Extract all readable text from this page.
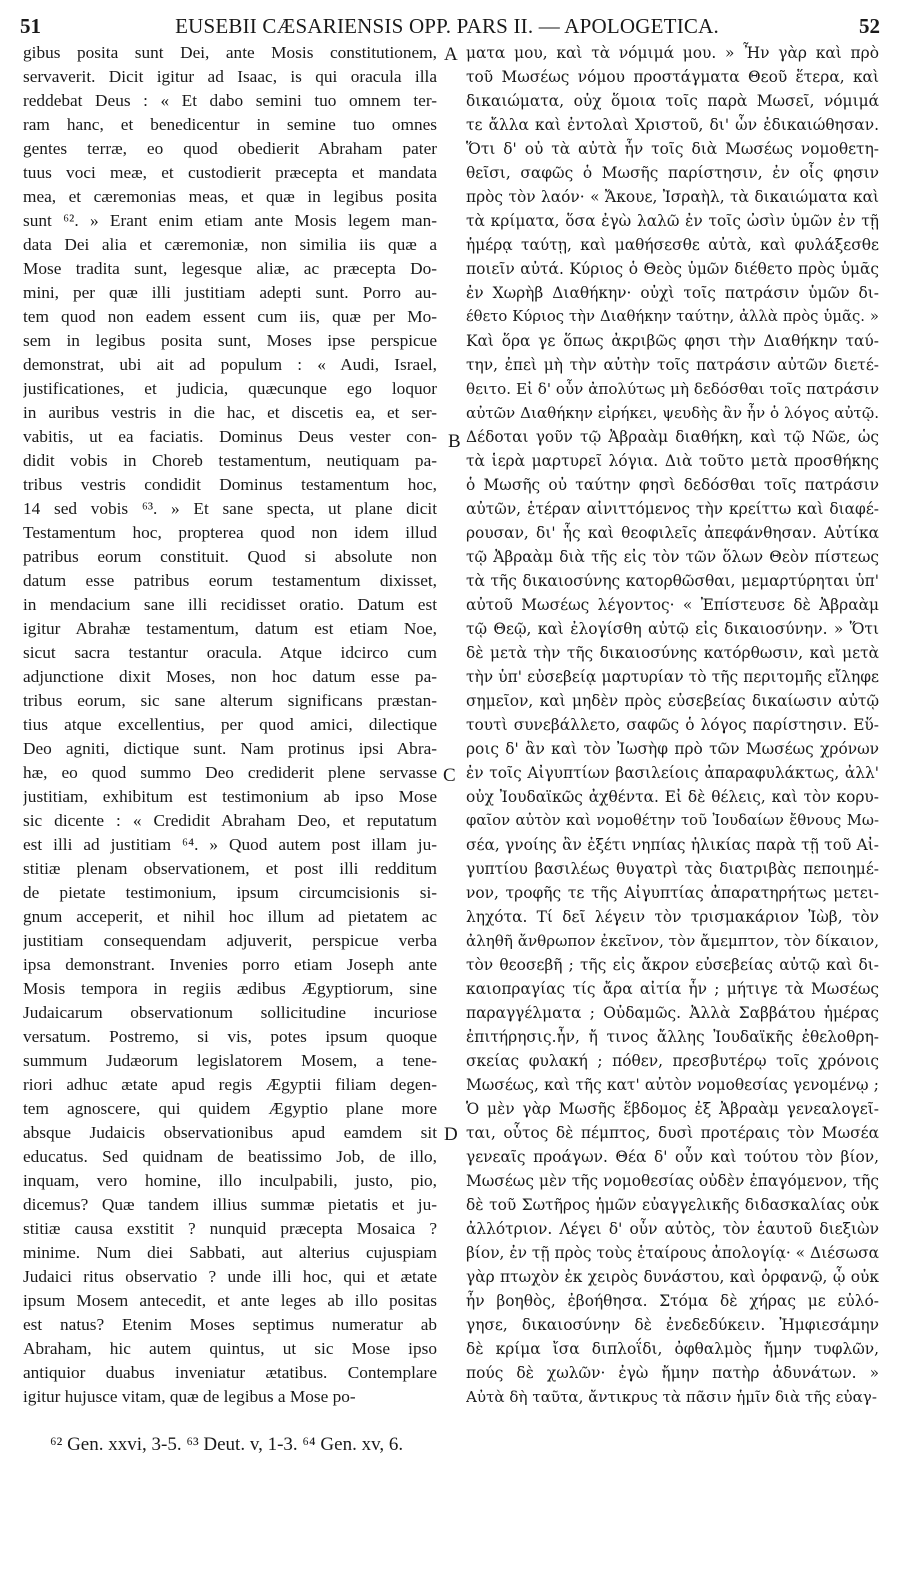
51	EUSEBII CÆSARIENSIS OPP. PARS II. — APOLOGETICA.	52
gibus posita sunt Dei, ante Mosis constitutionem,
servaverit. Dicit igitur ad Isaac, is qui oracula illa
reddebat Deus : « Et dabo semini tuo omnem ter-
ram hanc, et benedicentur in semine tuo omnes
gentes terræ, eo quod obedierit Abraham pater
tuus voci meæ, et custodierit præcepta et mandata
mea, et cæremonias meas, et quæ in legibus posita
sunt ⁶². » Erant enim etiam ante Mosis legem man-
data Dei alia et cæremoniæ, non similia iis quæ a
Mose tradita sunt, legesque aliæ, ac præcepta Do-
mini, per quæ illi justitiam adepti sunt. Porro au-
tem quod non eadem essent cum iis, quæ per Mo-
sem in legibus posita sunt, Moses ipse perspicue
demonstrat, ubi ait ad populum : « Audi, Israel,
justificationes, et judicia, quæcunque ego loquor
in auribus vestris in die hac, et discetis ea, et ser-
vabitis, ut ea faciatis. Dominus Deus vester con-
didit vobis in Choreb testamentum, neutiquam pa-
tribus vestris condidit Dominus testamentum hoc,
14 sed vobis ⁶³. » Et sane specta, ut plane dicit
Testamentum hoc, propterea quod non idem illud
patribus eorum constituit. Quod si absolute non
datum esse patribus eorum testamentum dixisset,
in mendacium sane illi recidisset oratio. Datum est
igitur Abrahæ testamentum, datum est etiam Noe,
sicut sacra testantur oracula. Atque idcirco cum
adjunctione dixit Moses, non hoc datum esse pa-
tribus eorum, sic sane alterum significans præstan-
tius atque excellentius, per quod amici, dilectique
Deo agniti, dictique sunt. Nam protinus ipsi Abra-
hæ, eo quod summo Deo crediderit plene servasse
justitiam, exhibitum est testimonium ab ipso Mose
sic dicente : « Credidit Abraham Deo, et reputatum
est illi ad justitiam ⁶⁴. » Quod autem post illam ju-
stitiæ plenam observationem, et post illi redditum
de pietate testimonium, ipsum circumcisionis si-
gnum acceperit, et nihil hoc illum ad pietatem ac
justitiam consequendam adjuverit, perspicue verba
ipsa demonstrant. Invenies porro etiam Joseph ante
Mosis tempora in regiis ædibus Ægyptiorum, sine
Judaicarum observationum sollicitudine incuriose
versatum. Postremo, si vis, potes ipsum quoque
summum Judæorum legislatorem Mosem, a tene-
riori adhuc ætate apud regis Ægyptii filiam degen-
tem agnoscere, qui quidem Ægyptio plane more
absque Judaicis observationibus apud eamdem sit
educatus. Sed quidnam de beatissimo Job, de illo,
inquam, vero homine, illo inculpabili, justo, pio,
dicemus? Quæ tandem illius summæ pietatis et ju-
stitiæ causa exstitit ? nunquid præcepta Mosaica ?
minime. Num diei Sabbati, aut alterius cujuspiam
Judaici ritus observatio ? unde illi hoc, qui et ætate
ipsum Mosem antecedit, et ante leges ab illo positas
est natus? Etenim Moses septimus numeratur ab
Abraham, hic autem quintus, ut sic Mose ipso
antiquior duabus inveniatur ætatibus. Contemplare
igitur hujusce vitam, quæ de legibus a Mose po-
ματα μου, καὶ τὰ νόμιμά μου. » Ἦν γὰρ καὶ πρὸ
τοῦ Μωσέως νόμου προστάγματα Θεοῦ ἕτερα, καὶ
δικαιώματα, οὐχ ὅμοια τοῖς παρὰ Μωσεῖ, νόμιμά
τε ἄλλα καὶ ἐντολαὶ Χριστοῦ, δι' ὧν ἐδικαιώθησαν.
Ὅτι δ' οὐ τὰ αὐτὰ ἦν τοῖς διὰ Μωσέως νομοθετη-
θεῖσι, σαφῶς ὁ Μωσῆς παρίστησιν, ἐν οἷς φησιν
πρὸς τὸν λαόν· « Ἄκουε, Ἰσραὴλ, τὰ δικαιώματα καὶ
τὰ κρίματα, ὅσα ἐγὼ λαλῶ ἐν τοῖς ὠσὶν ὑμῶν ἐν τῇ
ἡμέρᾳ ταύτῃ, καὶ μαθήσεσθε αὐτὰ, καὶ φυλάξεσθε
ποιεῖν αὐτά. Κύριος ὁ Θεὸς ὑμῶν διέθετο πρὸς ὑμᾶς
ἐν Χωρὴβ Διαθήκην· οὐχὶ τοῖς πατράσιν ὑμῶν δι-
έθετο Κύριος τὴν Διαθήκην ταύτην, ἀλλὰ πρὸς ὑμᾶς. »
Καὶ ὅρα γε ὅπως ἀκριβῶς φησι τὴν Διαθήκην ταύ-
την, ἐπεὶ μὴ τὴν αὐτὴν τοῖς πατράσιν αὐτῶν διετέ-
θειτο. Εἰ δ' οὖν ἀπολύτως μὴ δεδόσθαι τοῖς πατράσιν
αὐτῶν Διαθήκην εἰρήκει, ψευδὴς ἂν ἦν ὁ λόγος αὐτῷ.
Δέδοται γοῦν τῷ Ἀβραὰμ διαθήκη, καὶ τῷ Νῶε, ὡς
τὰ ἱερὰ μαρτυρεῖ λόγια. Διὰ τοῦτο μετὰ προσθήκης
ὁ Μωσῆς οὐ ταύτην φησὶ δεδόσθαι τοῖς πατράσιν
αὐτῶν, ἑτέραν αἰνιττόμενος τὴν κρείττω καὶ διαφέ-
ρουσαν, δι' ἧς καὶ θεοφιλεῖς ἀπεφάνθησαν. Αὐτίκα
τῷ Ἀβραὰμ διὰ τῆς εἰς τὸν τῶν ὅλων Θεὸν πίστεως
τὰ τῆς δικαιοσύνης κατορθῶσθαι, μεμαρτύρηται ὑπ'
αὐτοῦ Μωσέως λέγοντος· « Ἐπίστευσε δὲ Ἀβραὰμ
τῷ Θεῷ, καὶ ἐλογίσθη αὐτῷ εἰς δικαιοσύνην. » Ὅτι
δὲ μετὰ τὴν τῆς δικαιοσύνης κατόρθωσιν, καὶ μετὰ
τὴν ὑπ' εὐσεβείᾳ μαρτυρίαν τὸ τῆς περιτομῆς εἴληφε
σημεῖον, καὶ μηδὲν πρὸς εὐσεβείας δικαίωσιν αὐτῷ
τουτὶ συνεβάλλετο, σαφῶς ὁ λόγος παρίστησιν. Εὕ-
ροις δ' ἂν καὶ τὸν Ἰωσὴφ πρὸ τῶν Μωσέως χρόνων
ἐν τοῖς Αἰγυπτίων βασιλείοις ἀπαραφυλάκτως, ἀλλ'
οὐχ Ἰουδαϊκῶς ἀχθέντα. Εἰ δὲ θέλεις, καὶ τὸν κορυ-
φαῖον αὐτὸν καὶ νομοθέτην τοῦ Ἰουδαίων ἔθνους Μω-
σέα, γνοίης ἂν ἐξέτι νηπίας ἡλικίας παρὰ τῇ τοῦ Αἰ-
γυπτίου βασιλέως θυγατρὶ τὰς διατριβὰς πεποιημέ-
νον, τροφῆς τε τῆς Αἰγυπτίας ἀπαρατηρήτως μετει-
ληχότα. Τί δεῖ λέγειν τὸν τρισμακάριον Ἰὼβ, τὸν
ἀληθῆ ἄνθρωπον ἐκεῖνον, τὸν ἄμεμπτον, τὸν δίκαιον,
τὸν θεοσεβῆ ; τῆς εἰς ἄκρον εὐσεβείας αὐτῷ καὶ δι-
καιοπραγίας τίς ἄρα αἰτία ἦν ; μήτιγε τὰ Μωσέως
παραγγέλματα ; Οὐδαμῶς. Ἀλλὰ Σαββάτου ἡμέρας
ἐπιτήρησις.ἦν, ἤ τινος ἄλλης Ἰουδαϊκῆς ἐθελοθρη-
σκείας φυλακή ; πόθεν, πρεσβυτέρῳ τοῖς χρόνοις
Μωσέως, καὶ τῆς κατ' αὐτὸν νομοθεσίας γενομένῳ ;
Ὁ μὲν γὰρ Μωσῆς ἕβδομος ἐξ Ἀβραὰμ γενεαλογεῖ-
ται, οὗτος δὲ πέμπτος, δυσὶ προτέραις τὸν Μωσέα
γενεαῖς προάγων. Θέα δ' οὖν καὶ τούτου τὸν βίον,
Μωσέως μὲν τῆς νομοθεσίας οὐδὲν ἐπαγόμενον, τῆς
δὲ τοῦ Σωτῆρος ἡμῶν εὐαγγελικῆς διδασκαλίας οὐκ
ἀλλότριον. Λέγει δ' οὖν αὐτὸς, τὸν ἑαυτοῦ διεξιὼν
βίον, ἐν τῇ πρὸς τοὺς ἑταίρους ἀπολογίᾳ· « Διέσωσα
γὰρ πτωχὸν ἐκ χειρὸς δυνάστου, καὶ ὀρφανῷ, ᾧ οὐκ
ἦν βοηθὸς, ἐβοήθησα. Στόμα δὲ χήρας με εὐλό-
γησε, δικαιοσύνην δὲ ἐνεδεδύκειν. Ἠμφιεσάμην
δὲ κρίμα ἴσα διπλοΐδι, ὀφθαλμὸς ἤμην τυφλῶν,
πούς δὲ χωλῶν· ἐγὼ ἤμην πατὴρ ἀδυνάτων. »
Αὐτὰ δὴ ταῦτα, ἄντικρυς τὰ πᾶσιν ἡμῖν διὰ τῆς εὐαγ-
A
B
C
D
⁶² Gen. xxvi, 3-5. ⁶³ Deut. v, 1-3. ⁶⁴ Gen. xv, 6.
